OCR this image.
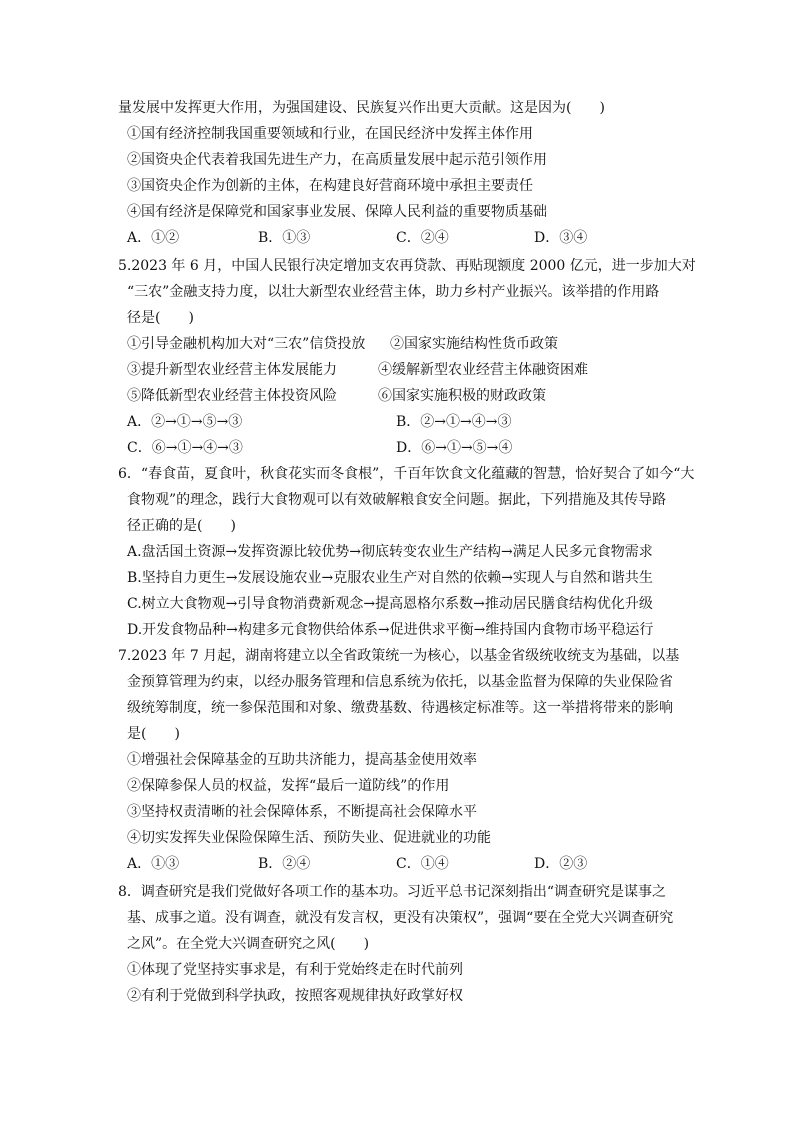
量发展中发挥更大作用，为强国建设、民族复兴作出更大贡献。这是因为(　　)
①国有经济控制我国重要领域和行业，在国民经济中发挥主体作用
②国资央企代表着我国先进生产力，在高质量发展中起示范引领作用
③国资央企作为创新的主体，在构建良好营商环境中承担主要责任
④国有经济是保障党和国家事业发展、保障人民利益的重要物质基础
A．①②	B．①③	C．②④	D．③④
5.2023 年 6 月，中国人民银行决定增加支农再贷款、再贴现额度 2000 亿元，进一步加大对
“三农”金融支持力度，以壮大新型农业经营主体，助力乡村产业振兴。该举措的作用路
径是(　　)
①引导金融机构加大对“三农”信贷投放 ②国家实施结构性货币政策
③提升新型农业经营主体发展能力	④缓解新型农业经营主体融资困难
⑤降低新型农业经营主体投资风险	⑥国家实施积极的财政政策
A．②→①→⑤→③	B．②→①→④→③
C．⑥→①→④→③	D．⑥→①→⑤→④
6．“春食苗，夏食叶，秋食花实而冬食根”，千百年饮食文化蕴藏的智慧，恰好契合了如今“大
食物观”的理念，践行大食物观可以有效破解粮食安全问题。据此，下列措施及其传导路
径正确的是(　　)
A.盘活国土资源→发挥资源比较优势→彻底转变农业生产结构→满足人民多元食物需求
B.坚持自力更生→发展设施农业→克服农业生产对自然的依赖→实现人与自然和谐共生
C.树立大食物观→引导食物消费新观念→提高恩格尔系数→推动居民膳食结构优化升级
D.开发食物品种→构建多元食物供给体系→促进供求平衡→维持国内食物市场平稳运行
7.2023 年 7 月起，湖南将建立以全省政策统一为核心，以基金省级统收统支为基础，以基
金预算管理为约束，以经办服务管理和信息系统为依托，以基金监督为保障的失业保险省
级统筹制度，统一参保范围和对象、缴费基数、待遇核定标准等。这一举措将带来的影响
是(　　)
①增强社会保障基金的互助共济能力，提高基金使用效率
②保障参保人员的权益，发挥“最后一道防线”的作用
③坚持权责清晰的社会保障体系，不断提高社会保障水平
④切实发挥失业保险保障生活、预防失业、促进就业的功能
A．①③	B．②④	C．①④	D．②③
8．调查研究是我们党做好各项工作的基本功。习近平总书记深刻指出“调查研究是谋事之
基、成事之道。没有调查，就没有发言权，更没有决策权”，强调“要在全党大兴调查研究
之风”。在全党大兴调查研究之风(　　)
①体现了党坚持实事求是，有利于党始终走在时代前列
②有利于党做到科学执政，按照客观规律执好政掌好权
